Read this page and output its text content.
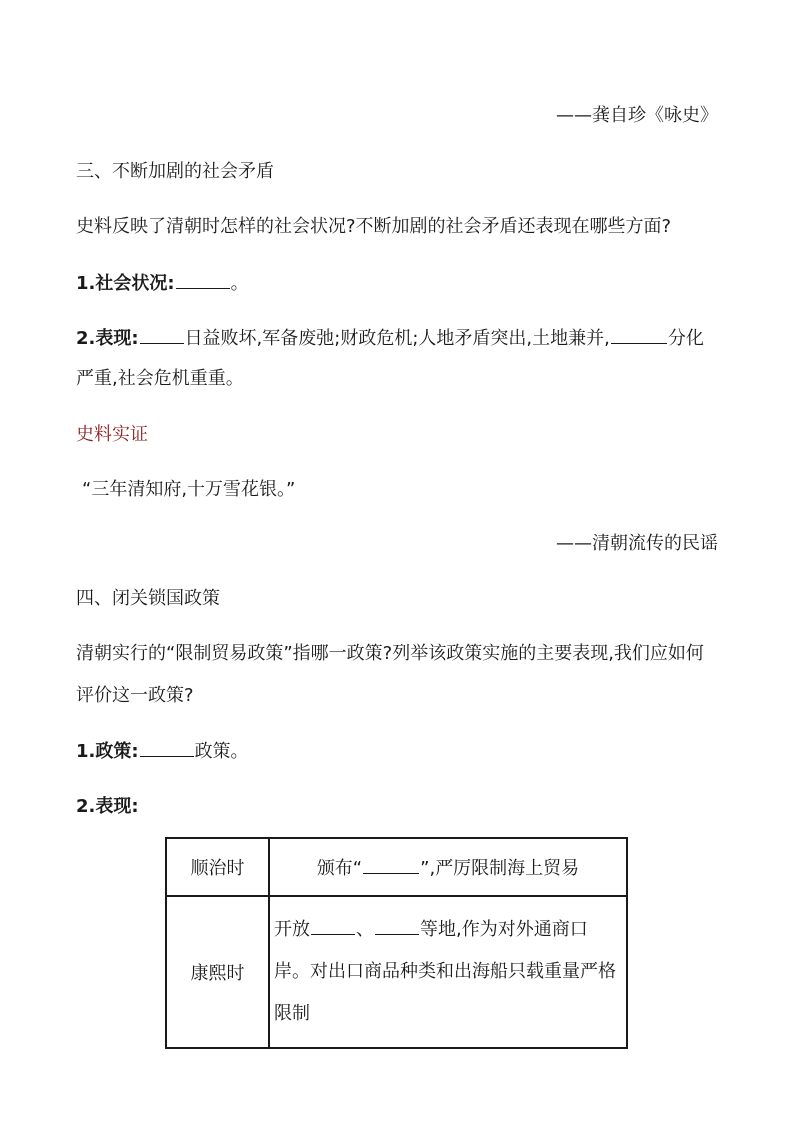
——龚自珍《咏史》
三、不断加剧的社会矛盾
史料反映了清朝时怎样的社会状况?不断加剧的社会矛盾还表现在哪些方面?
1.社会状况:	。
2.表现:	日益败坏,军备废弛;财政危机;人地矛盾突出,土地兼并,	分化
严重,社会危机重重。
史料实证
“三年清知府,十万雪花银。”
——清朝流传的民谣
四、闭关锁国政策
清朝实行的“限制贸易政策”指哪一政策?列举该政策实施的主要表现,我们应如何
评价这一政策?
1.政策:	政策。
2.表现:
顺治时	颁布“ ”,严厉限制海上贸易
康熙时	开放 、 等地,作为对外通商口岸。对出口商品种类和出海船只载重量严格限制
